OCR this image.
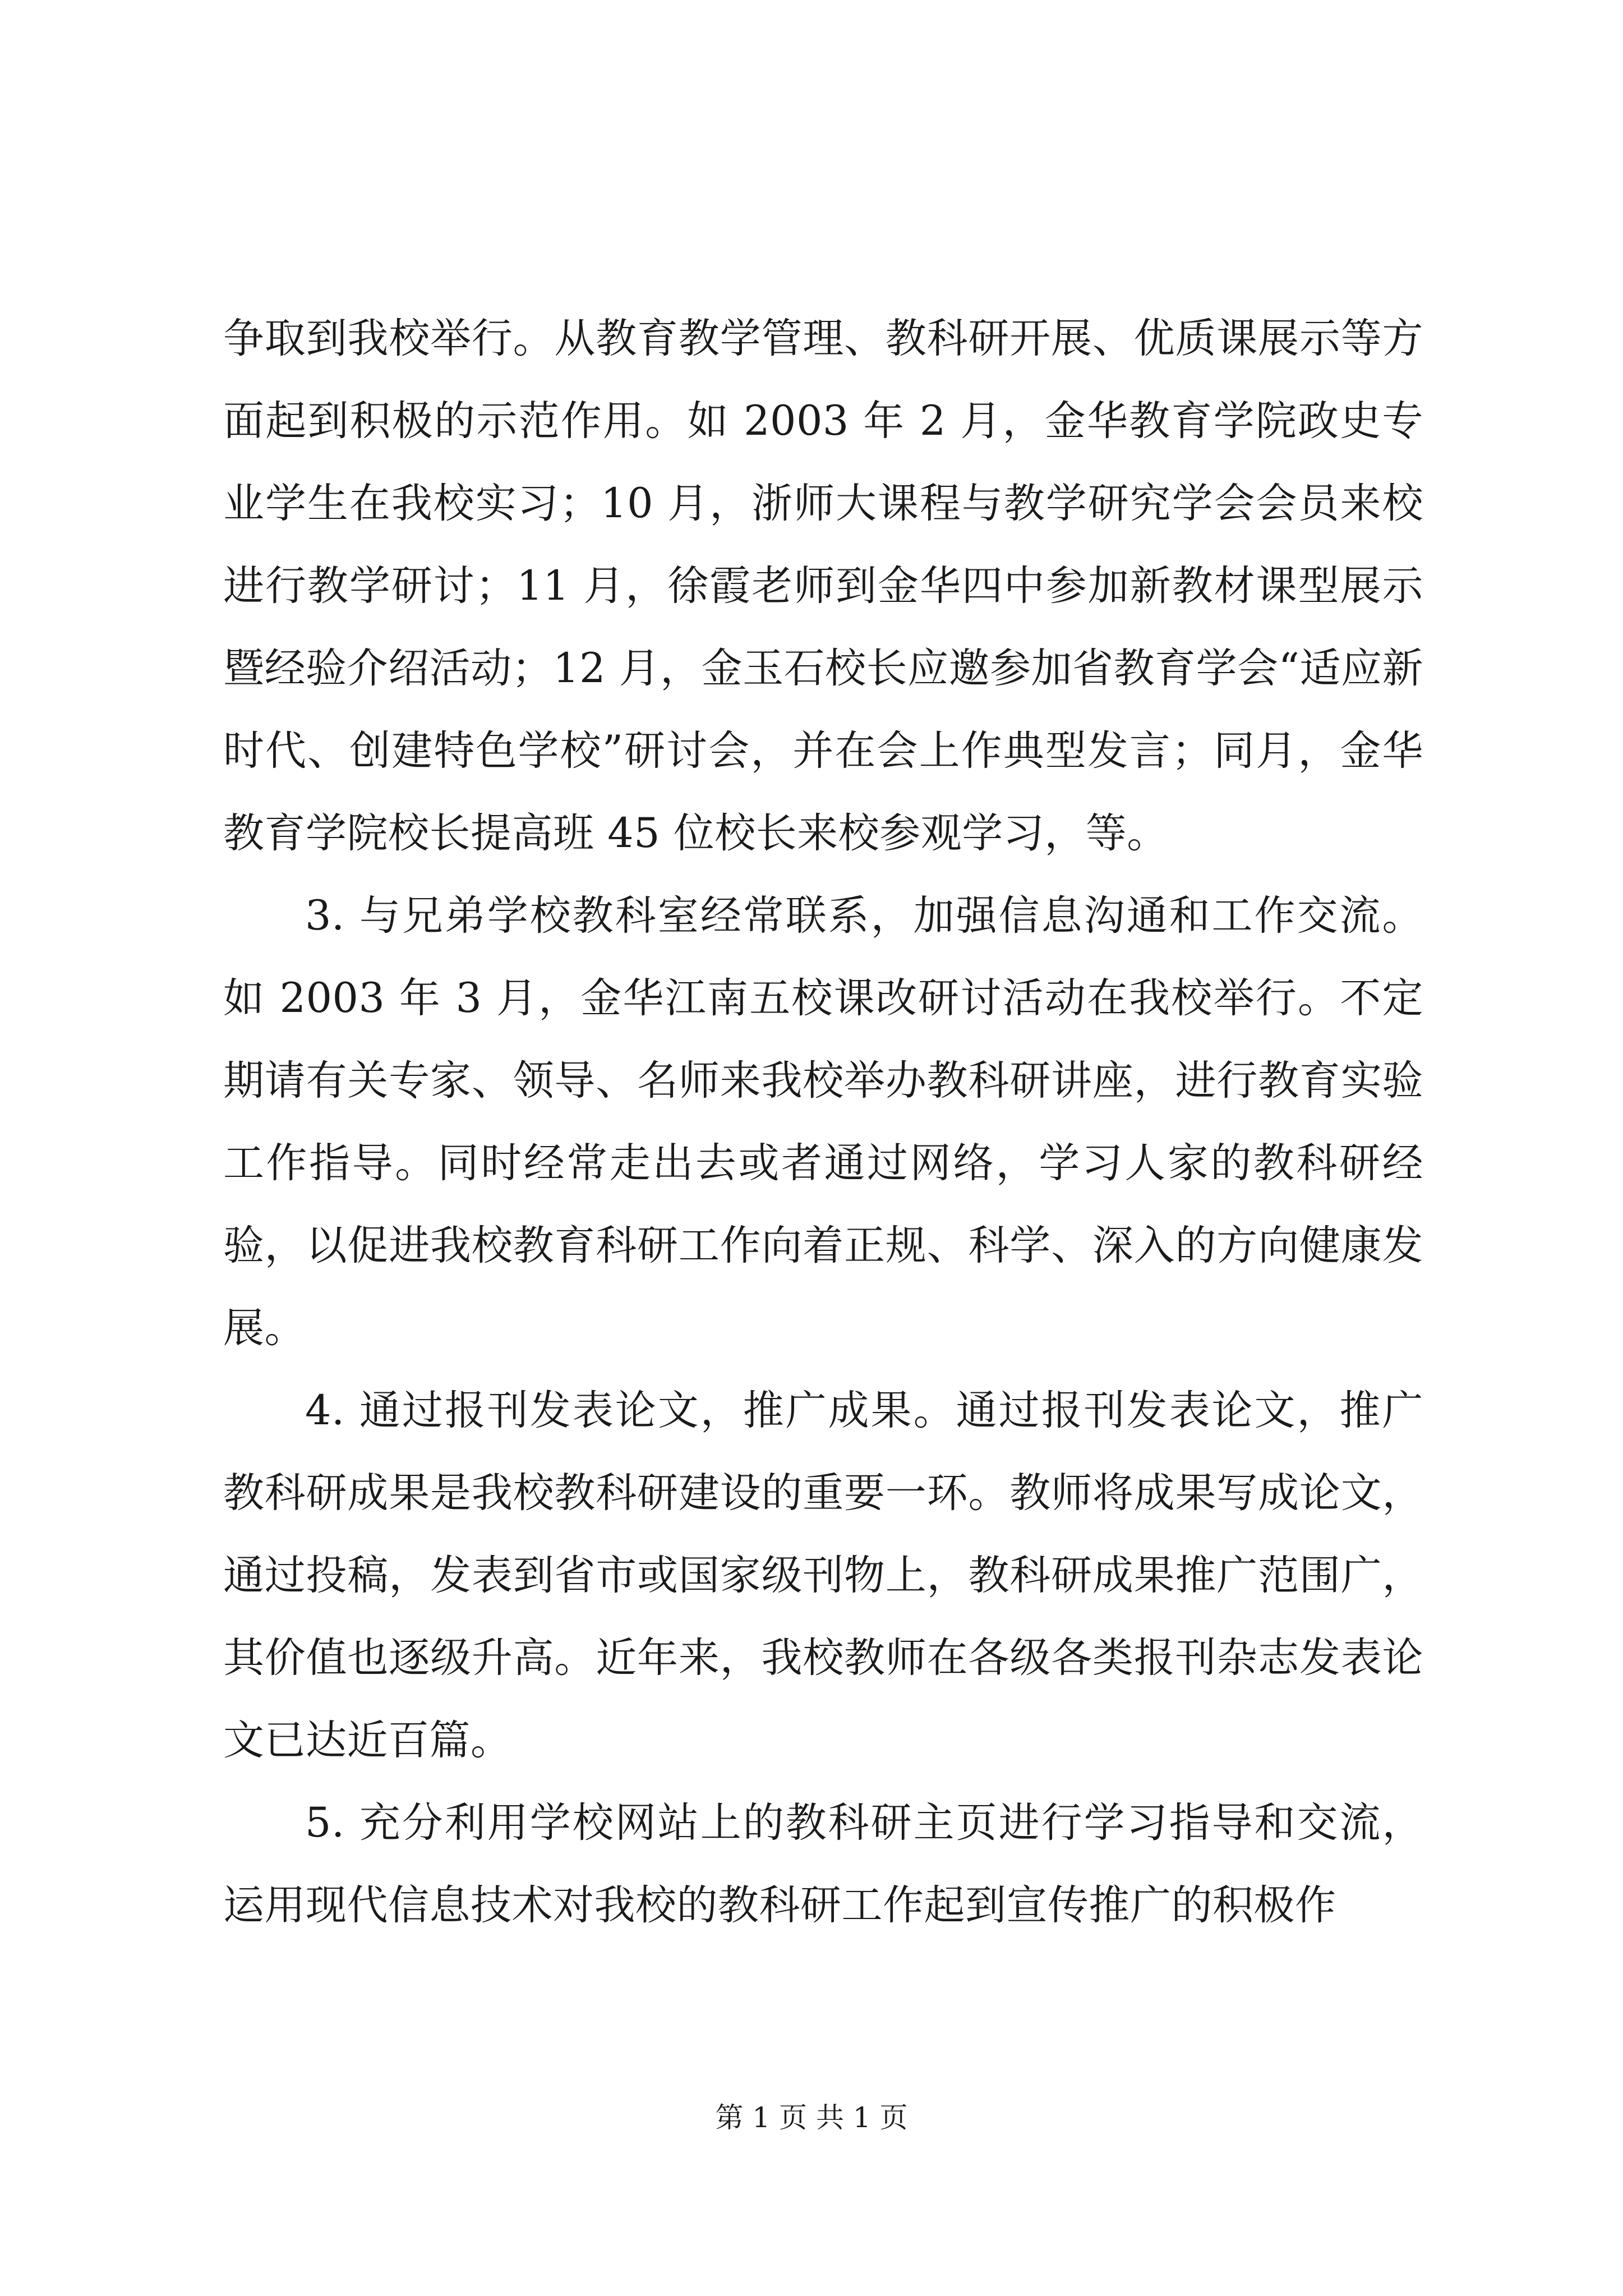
争取到我校举行。从教育教学管理、教科研开展、优质课展示等方面起到积极的示范作用。如 2003 年 2 月，金华教育学院政史专业学生在我校实习；10 月，浙师大课程与教学研究学会会员来校进行教学研讨；11 月，徐霞老师到金华四中参加新教材课型展示暨经验介绍活动；12 月，金玉石校长应邀参加省教育学会“适应新时代、创建特色学校”研讨会，并在会上作典型发言；同月，金华教育学院校长提高班 45 位校长来校参观学习，等。

3. 与兄弟学校教科室经常联系，加强信息沟通和工作交流。如 2003 年 3 月，金华江南五校课改研讨活动在我校举行。不定期请有关专家、领导、名师来我校举办教科研讲座，进行教育实验工作指导。同时经常走出去或者通过网络，学习人家的教科研经验，以促进我校教育科研工作向着正规、科学、深入的方向健康发展。

4. 通过报刊发表论文，推广成果。通过报刊发表论文，推广教科研成果是我校教科研建设的重要一环。教师将成果写成论文，通过投稿，发表到省市或国家级刊物上，教科研成果推广范围广，其价值也逐级升高。近年来，我校教师在各级各类报刊杂志发表论文已达近百篇。

5. 充分利用学校网站上的教科研主页进行学习指导和交流，运用现代信息技术对我校的教科研工作起到宣传推广的积极作

第 1 页 共 1 页
